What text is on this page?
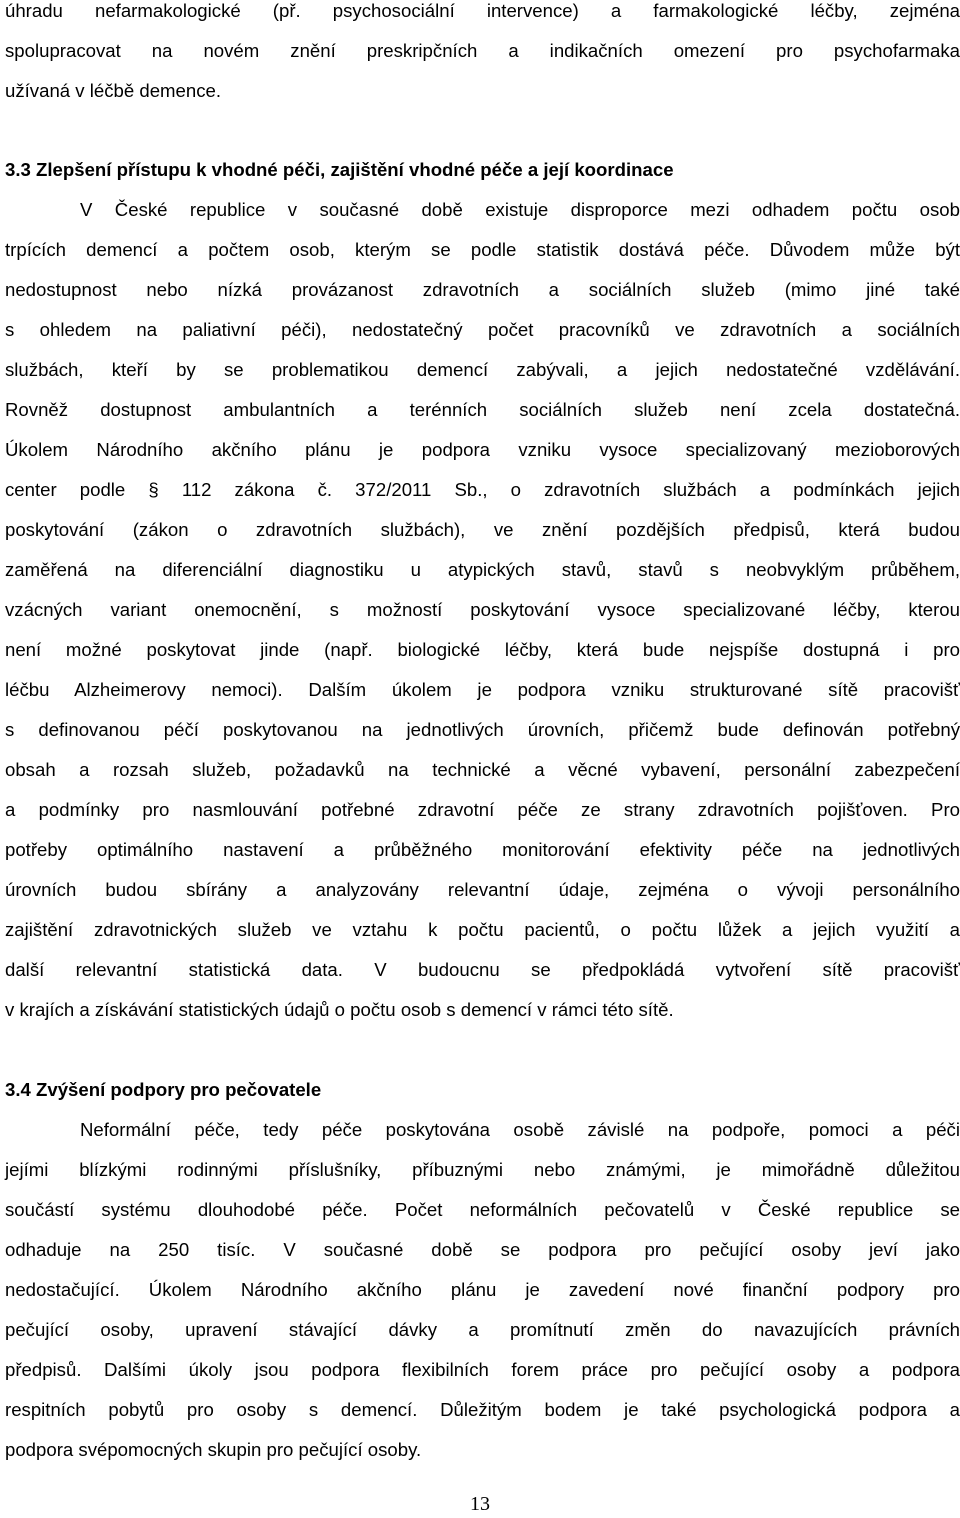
úhradu nefarmakologické (př. psychosociální intervence) a farmakologické léčby, zejména
spolupracovat na novém znění preskripčních a indikačních omezení pro psychofarmaka
užívaná v léčbě demence.
3.3 Zlepšení přístupu k vhodné péči, zajištění vhodné péče a její koordinace
V České republice v současné době existuje disproporce mezi odhadem počtu osob
trpících demencí a počtem osob, kterým se podle statistik dostává péče. Důvodem může být
nedostupnost nebo nízká provázanost zdravotních a sociálních služeb (mimo jiné také
s ohledem na paliativní péči), nedostatečný počet pracovníků ve zdravotních a sociálních
službách, kteří by se problematikou demencí zabývali, a jejich nedostatečné vzdělávání.
Rovněž dostupnost ambulantních a terénních sociálních služeb není zcela dostatečná.
Úkolem Národního akčního plánu je podpora vzniku vysoce specializovaný mezioborových
center podle § 112 zákona č. 372/2011 Sb., o zdravotních službách a podmínkách jejich
poskytování (zákon o zdravotních službách), ve znění pozdějších předpisů, která budou
zaměřená na diferenciální diagnostiku u atypických stavů, stavů s neobvyklým průběhem,
vzácných variant onemocnění, s možností poskytování vysoce specializované léčby, kterou
není možné poskytovat jinde (např. biologické léčby, která bude nejspíše dostupná i pro
léčbu Alzheimerovy nemoci). Dalším úkolem je podpora vzniku strukturované sítě pracovišť
s definovanou péčí poskytovanou na jednotlivých úrovních, přičemž bude definován potřebný
obsah a rozsah služeb, požadavků na technické a věcné vybavení, personální zabezpečení
a podmínky pro nasmlouvání potřebné zdravotní péče ze strany zdravotních pojišťoven. Pro
potřeby optimálního nastavení a průběžného monitorování efektivity péče na jednotlivých
úrovních budou sbírány a analyzovány relevantní údaje, zejména o vývoji personálního
zajištění zdravotnických služeb ve vztahu k počtu pacientů, o počtu lůžek a jejich využití a
další relevantní statistická data. V budoucnu se předpokládá vytvoření sítě pracovišť
v krajích a získávání statistických údajů o počtu osob s demencí v rámci této sítě.
3.4 Zvýšení podpory pro pečovatele
Neformální péče, tedy péče poskytována osobě závislé na podpoře, pomoci a péči
jejími blízkými rodinnými příslušníky, příbuznými nebo známými, je mimořádně důležitou
součástí systému dlouhodobé péče. Počet neformálních pečovatelů v České republice se
odhaduje na 250 tisíc. V současné době se podpora pro pečující osoby jeví jako
nedostačující. Úkolem Národního akčního plánu je zavedení nové finanční podpory pro
pečující osoby, upravení stávající dávky a promítnutí změn do navazujících právních
předpisů. Dalšími úkoly jsou podpora flexibilních forem práce pro pečující osoby a podpora
respitních pobytů pro osoby s demencí. Důležitým bodem je také psychologická podpora a
podpora svépomocných skupin pro pečující osoby.
13
